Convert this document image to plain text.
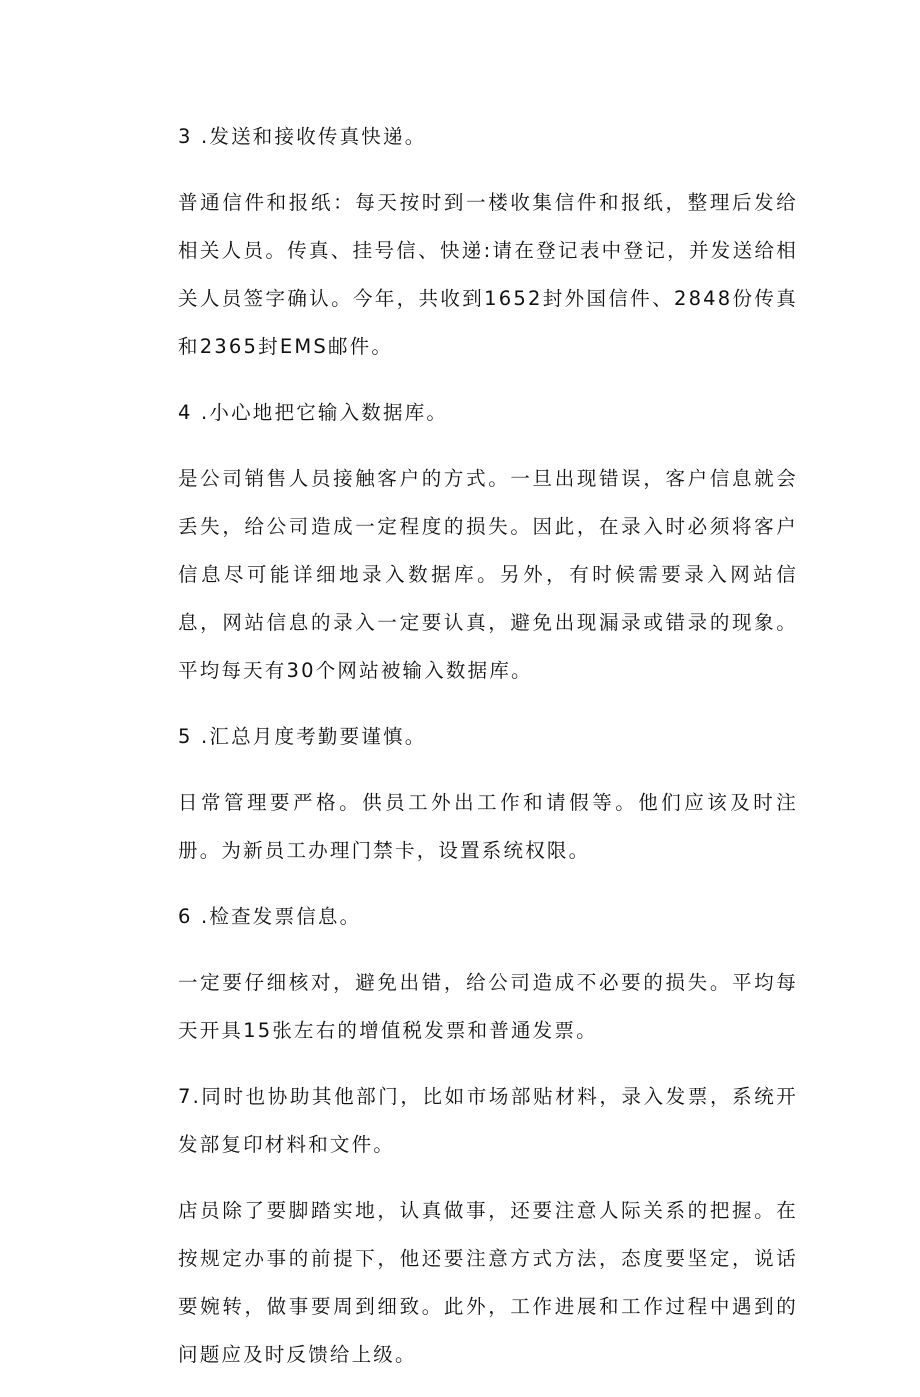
3 .发送和接收传真快递。

普通信件和报纸：每天按时到一楼收集信件和报纸，整理后发给相关人员。传真、挂号信、快递:请在登记表中登记，并发送给相关人员签字确认。今年，共收到1652封外国信件、2848份传真和2365封EMS邮件。

4 .小心地把它输入数据库。

是公司销售人员接触客户的方式。一旦出现错误，客户信息就会丢失，给公司造成一定程度的损失。因此，在录入时必须将客户信息尽可能详细地录入数据库。另外，有时候需要录入网站信息，网站信息的录入一定要认真，避免出现漏录或错录的现象。平均每天有30个网站被输入数据库。

5 .汇总月度考勤要谨慎。

日常管理要严格。供员工外出工作和请假等。他们应该及时注册。为新员工办理门禁卡，设置系统权限。

6 .检查发票信息。

一定要仔细核对，避免出错，给公司造成不必要的损失。平均每天开具15张左右的增值税发票和普通发票。

7.同时也协助其他部门，比如市场部贴材料，录入发票，系统开发部复印材料和文件。

店员除了要脚踏实地，认真做事，还要注意人际关系的把握。在按规定办事的前提下，他还要注意方式方法，态度要坚定，说话要婉转，做事要周到细致。此外，工作进展和工作过程中遇到的问题应及时反馈给上级。
